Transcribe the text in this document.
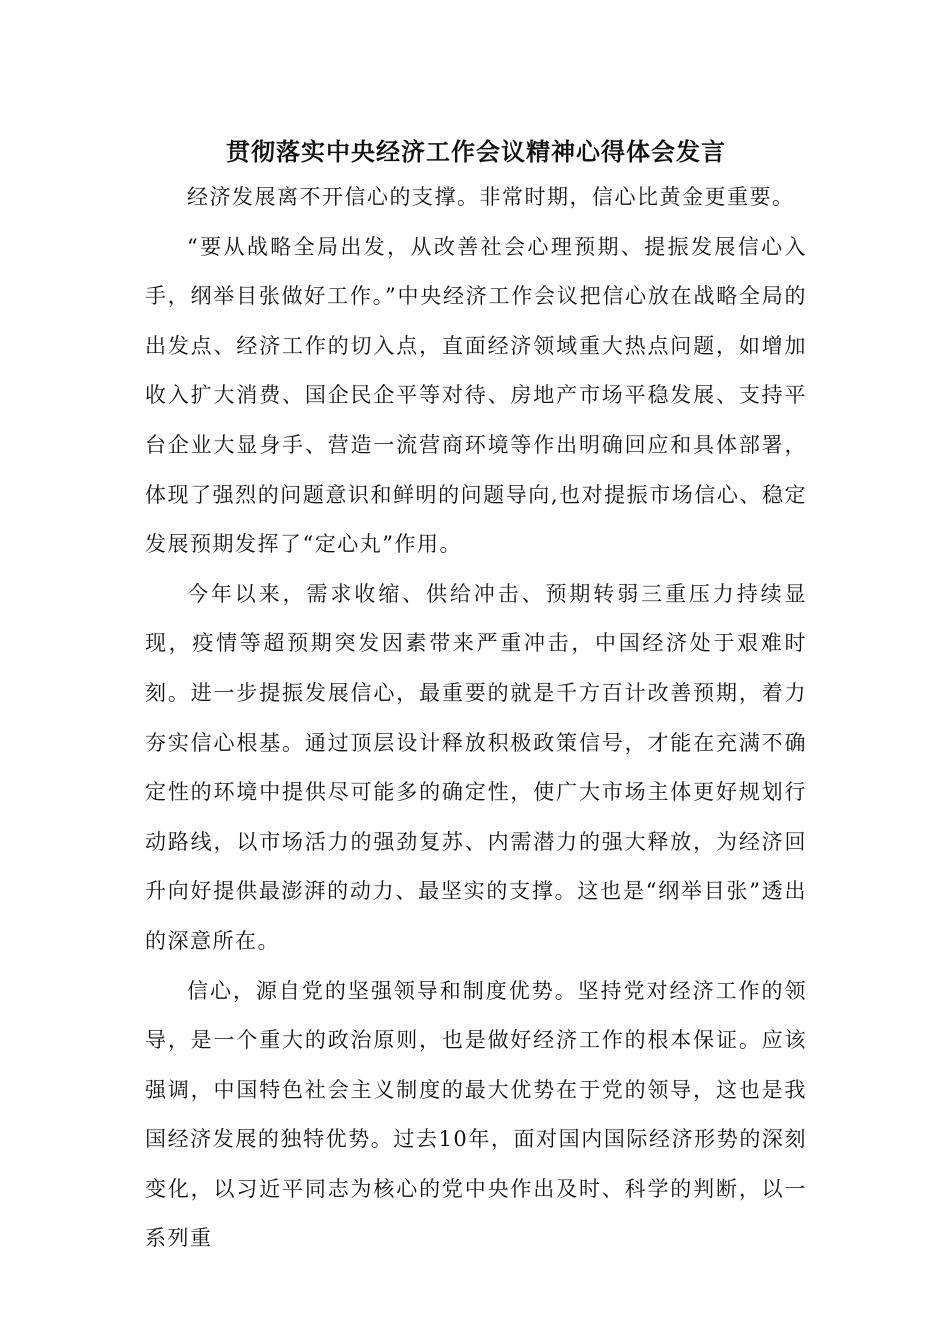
贯彻落实中央经济工作会议精神心得体会发言

经济发展离不开信心的支撑。非常时期，信心比黄金更重要。

“要从战略全局出发，从改善社会心理预期、提振发展信心入手，纲举目张做好工作。”中央经济工作会议把信心放在战略全局的出发点、经济工作的切入点，直面经济领域重大热点问题，如增加收入扩大消费、国企民企平等对待、房地产市场平稳发展、支持平台企业大显身手、营造一流营商环境等作出明确回应和具体部署，体现了强烈的问题意识和鲜明的问题导向,也对提振市场信心、稳定发展预期发挥了“定心丸”作用。

今年以来，需求收缩、供给冲击、预期转弱三重压力持续显现，疫情等超预期突发因素带来严重冲击，中国经济处于艰难时刻。进一步提振发展信心，最重要的就是千方百计改善预期，着力夯实信心根基。通过顶层设计释放积极政策信号，才能在充满不确定性的环境中提供尽可能多的确定性，使广大市场主体更好规划行动路线，以市场活力的强劲复苏、内需潜力的强大释放，为经济回升向好提供最澎湃的动力、最坚实的支撑。这也是“纲举目张”透出的深意所在。

信心，源自党的坚强领导和制度优势。坚持党对经济工作的领导，是一个重大的政治原则，也是做好经济工作的根本保证。应该强调，中国特色社会主义制度的最大优势在于党的领导，这也是我国经济发展的独特优势。过去10年，面对国内国际经济形势的深刻变化，以习近平同志为核心的党中央作出及时、科学的判断，以一系列重
